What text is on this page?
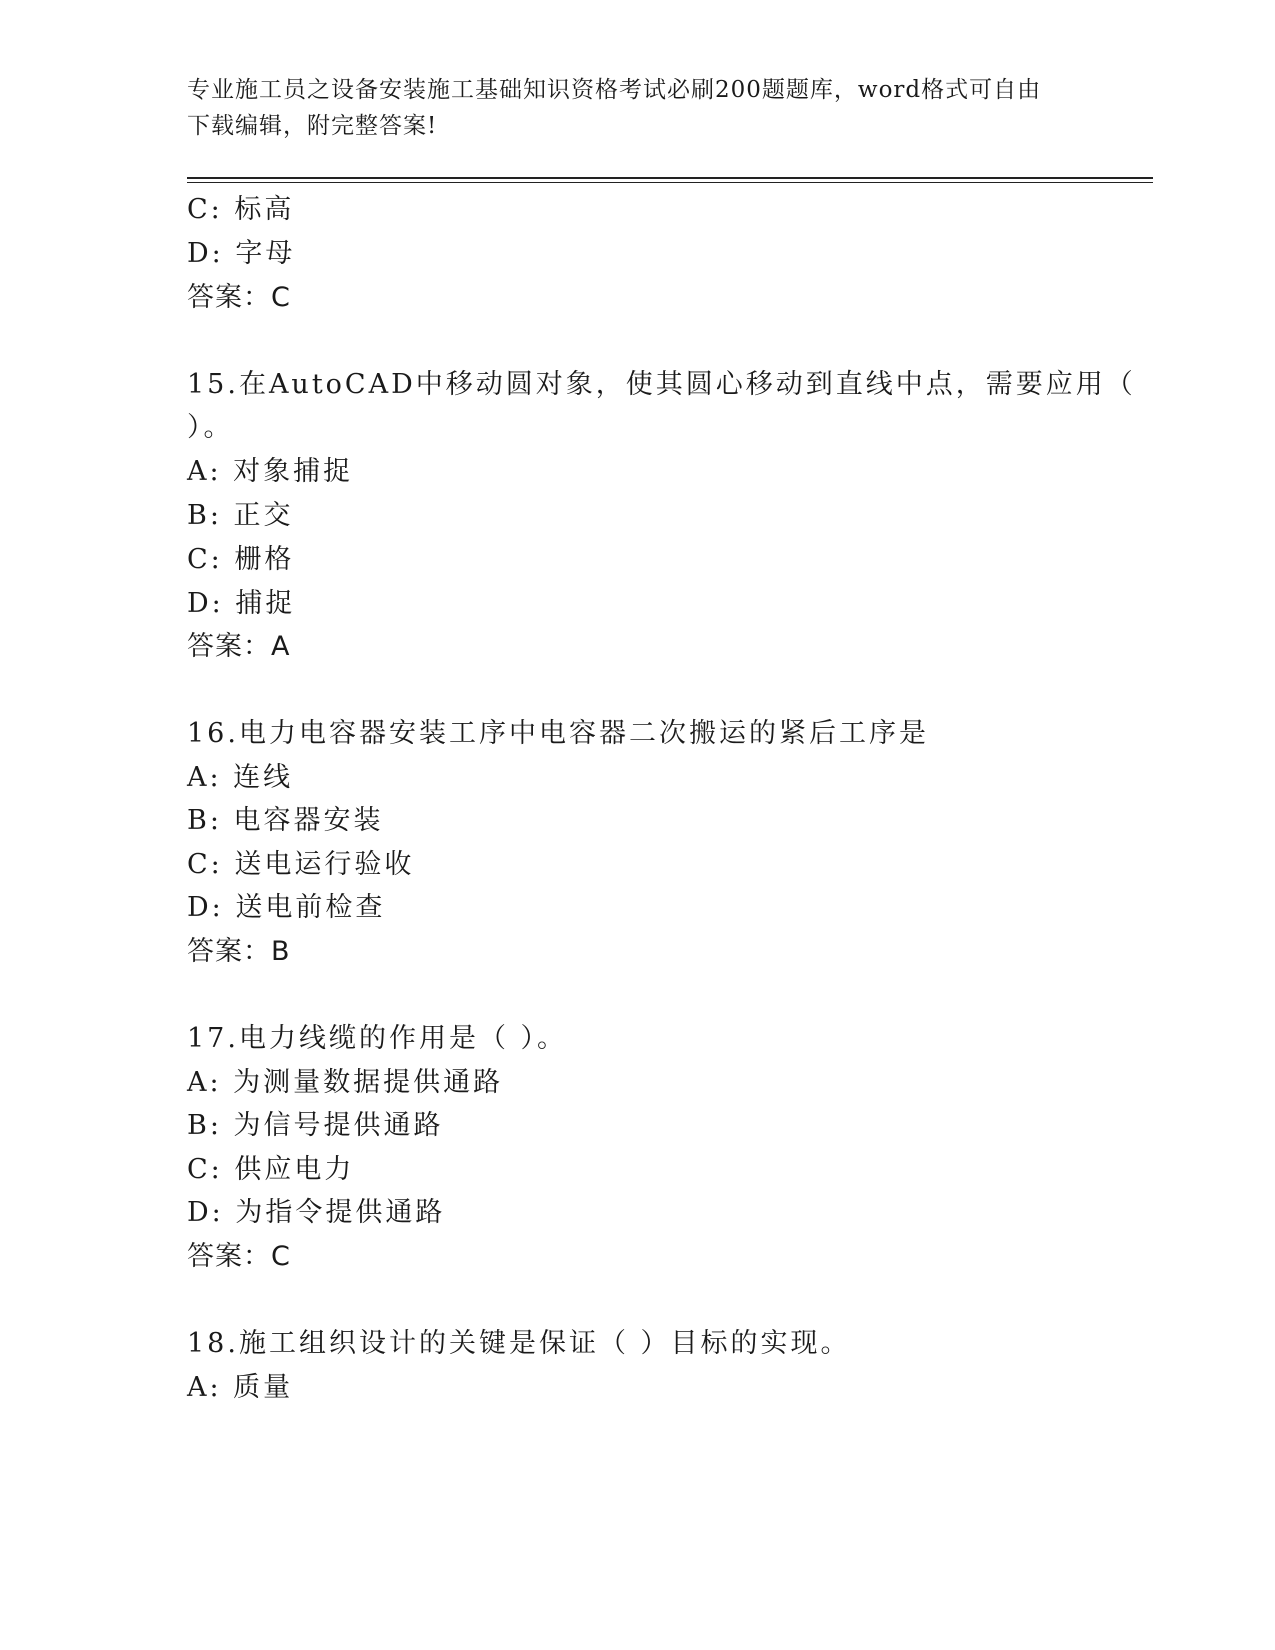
专业施工员之设备安装施工基础知识资格考试必刷200题题库，word格式可自由
下载编辑，附完整答案!
C: 标高
D: 字母
答案：C
15.在AutoCAD中移动圆对象，使其圆心移动到直线中点，需要应用（
）。
A: 对象捕捉
B: 正交
C: 栅格
D: 捕捉
答案：A
16.电力电容器安装工序中电容器二次搬运的紧后工序是
A: 连线
B: 电容器安装
C: 送电运行验收
D: 送电前检查
答案：B
17.电力线缆的作用是（ ）。
A: 为测量数据提供通路
B: 为信号提供通路
C: 供应电力
D: 为指令提供通路
答案：C
18.施工组织设计的关键是保证（ ）目标的实现。
A: 质量
